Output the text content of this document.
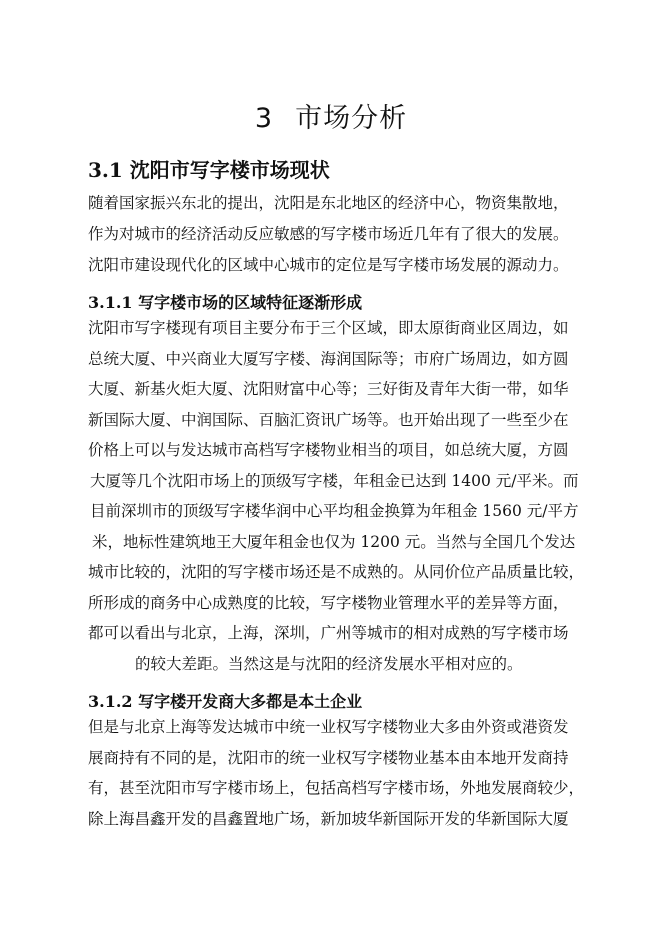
3 市场分析
3.1 沈阳市写字楼市场现状
随着国家振兴东北的提出，沈阳是东北地区的经济中心，物资集散地，
作为对城市的经济活动反应敏感的写字楼市场近几年有了很大的发展。
沈阳市建设现代化的区域中心城市的定位是写字楼市场发展的源动力。
3.1.1 写字楼市场的区域特征逐渐形成
沈阳市写字楼现有项目主要分布于三个区域，即太原街商业区周边，如
总统大厦、中兴商业大厦写字楼、海润国际等；市府广场周边，如方圆
大厦、新基火炬大厦、沈阳财富中心等；三好街及青年大街一带，如华
新国际大厦、中润国际、百脑汇资讯广场等。也开始出现了一些至少在
价格上可以与发达城市高档写字楼物业相当的项目，如总统大厦，方圆
大厦等几个沈阳市场上的顶级写字楼，年租金已达到 1400 元/平米。而
目前深圳市的顶级写字楼华润中心平均租金换算为年租金 1560 元/平方
米，地标性建筑地王大厦年租金也仅为 1200 元。当然与全国几个发达
城市比较的，沈阳的写字楼市场还是不成熟的。从同价位产品质量比较，
所形成的商务中心成熟度的比较，写字楼物业管理水平的差异等方面，
都可以看出与北京，上海，深圳，广州等城市的相对成熟的写字楼市场
的较大差距。当然这是与沈阳的经济发展水平相对应的。
3.1.2 写字楼开发商大多都是本土企业
但是与北京上海等发达城市中统一业权写字楼物业大多由外资或港资发
展商持有不同的是，沈阳市的统一业权写字楼物业基本由本地开发商持
有，甚至沈阳市写字楼市场上，包括高档写字楼市场，外地发展商较少，
除上海昌鑫开发的昌鑫置地广场，新加坡华新国际开发的华新国际大厦
